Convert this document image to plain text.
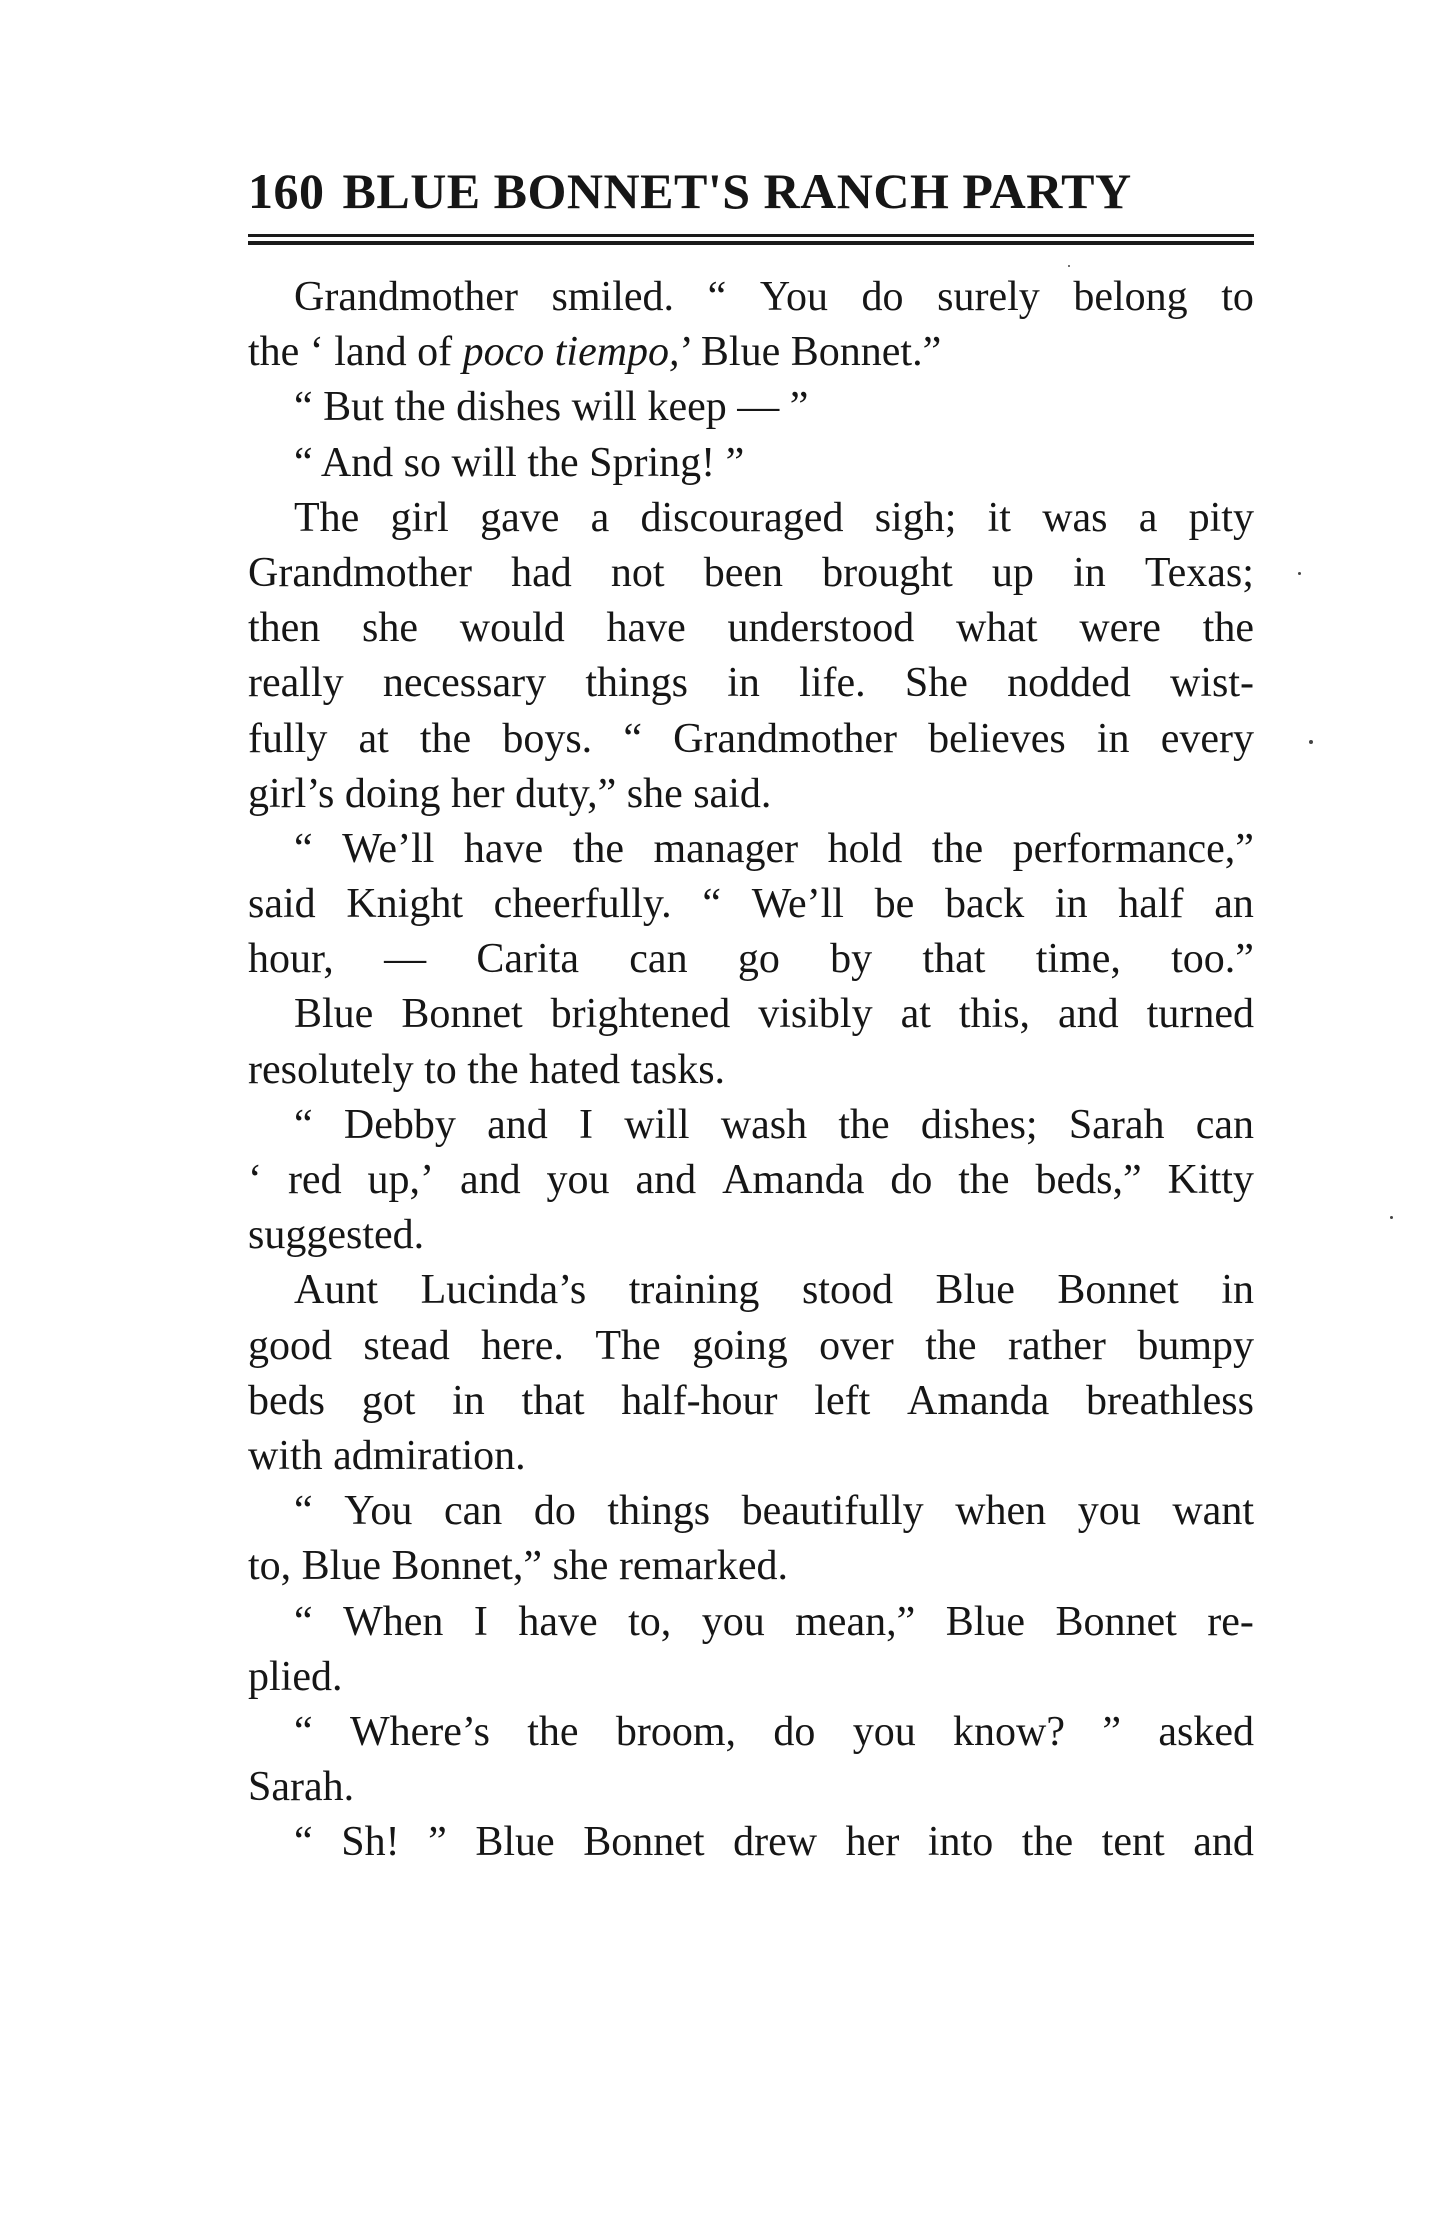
160 BLUE BONNET'S RANCH PARTY
Grandmother smiled. “ You do surely belong to
the ‘ land of poco tiempo,’ Blue Bonnet.”
“ But the dishes will keep — ”
“ And so will the Spring! ”
The girl gave a discouraged sigh; it was a pity
Grandmother had not been brought up in Texas;
then she would have understood what were the
really necessary things in life. She nodded wist-
fully at the boys. “ Grandmother believes in every
girl’s doing her duty,” she said.
“ We’ll have the manager hold the performance,”
said Knight cheerfully. “ We’ll be back in half an
hour, — Carita can go by that time, too.”
Blue Bonnet brightened visibly at this, and turned
resolutely to the hated tasks.
“ Debby and I will wash the dishes; Sarah can
‘ red up,’ and you and Amanda do the beds,” Kitty
suggested.
Aunt Lucinda’s training stood Blue Bonnet in
good stead here. The going over the rather bumpy
beds got in that half-hour left Amanda breathless
with admiration.
“ You can do things beautifully when you want
to, Blue Bonnet,” she remarked.
“ When I have to, you mean,” Blue Bonnet re-
plied.
“ Where’s the broom, do you know? ” asked
Sarah.
“ Sh! ” Blue Bonnet drew her into the tent and
